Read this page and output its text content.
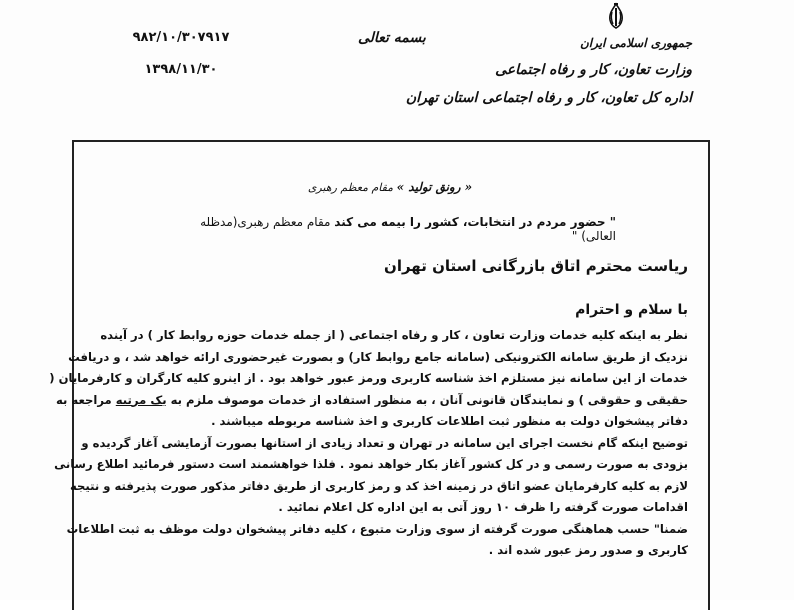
جمهوری اسلامی ایران
وزارت تعاون، کار و رفاه اجتماعی
اداره کل تعاون، کار و رفاه اجتماعی استان تهران
بسمه تعالی
۹۸۲/۱۰/۳۰۷۹۱۷
۱۳۹۸/۱۱/۳۰
« رونق تولید » مقام معظم رهبری
" حضور مردم در انتخابات، کشور را بیمه می کند مقام معظم رهبری(مدظله العالی) "
ریاست محترم اتاق بازرگانی استان تهران
با سلام و احترام
نظر به اینکه کلیه خدمات وزارت تعاون ، کار و رفاه اجتماعی ( از جمله خدمات حوزه روابط کار ) در آینده
نزدیک از طریق سامانه الکترونیکی (سامانه جامع روابط کار) و بصورت غیرحضوری ارائه خواهد شد ، و دریافت
خدمات از این سامانه نیز مستلزم اخذ شناسه کاربری ورمز عبور خواهد بود . از اینرو کلیه کارگران و کارفرمایان (
حقیقی و حقوقی ) و نمایندگان قانونی آنان ، به منظور استفاده از خدمات موصوف ملزم به یک مرتبه مراجعه به
دفاتر پیشخوان دولت به منظور ثبت اطلاعات کاربری و اخذ شناسه مربوطه میباشند .
توضیح اینکه گام نخست اجرای این سامانه در تهران و تعداد زیادی از استانها بصورت آزمایشی آغاز گردیده و
بزودی به صورت رسمی و در کل کشور آغاز بکار خواهد نمود . فلذا خواهشمند است دستور فرمائید اطلاع رسانی
لازم به کلیه کارفرمایان عضو اتاق در زمینه اخذ کد و رمز کاربری از طریق دفاتر مذکور صورت پذیرفته و نتیجه
اقدامات صورت گرفته را ظرف ۱۰ روز آتی به این اداره کل اعلام نمائید .
ضمنا" حسب هماهنگی صورت گرفته از سوی وزارت متبوع ، کلیه دفاتر پیشخوان دولت موظف به ثبت اطلاعات
کاربری و صدور رمز عبور شده اند .
